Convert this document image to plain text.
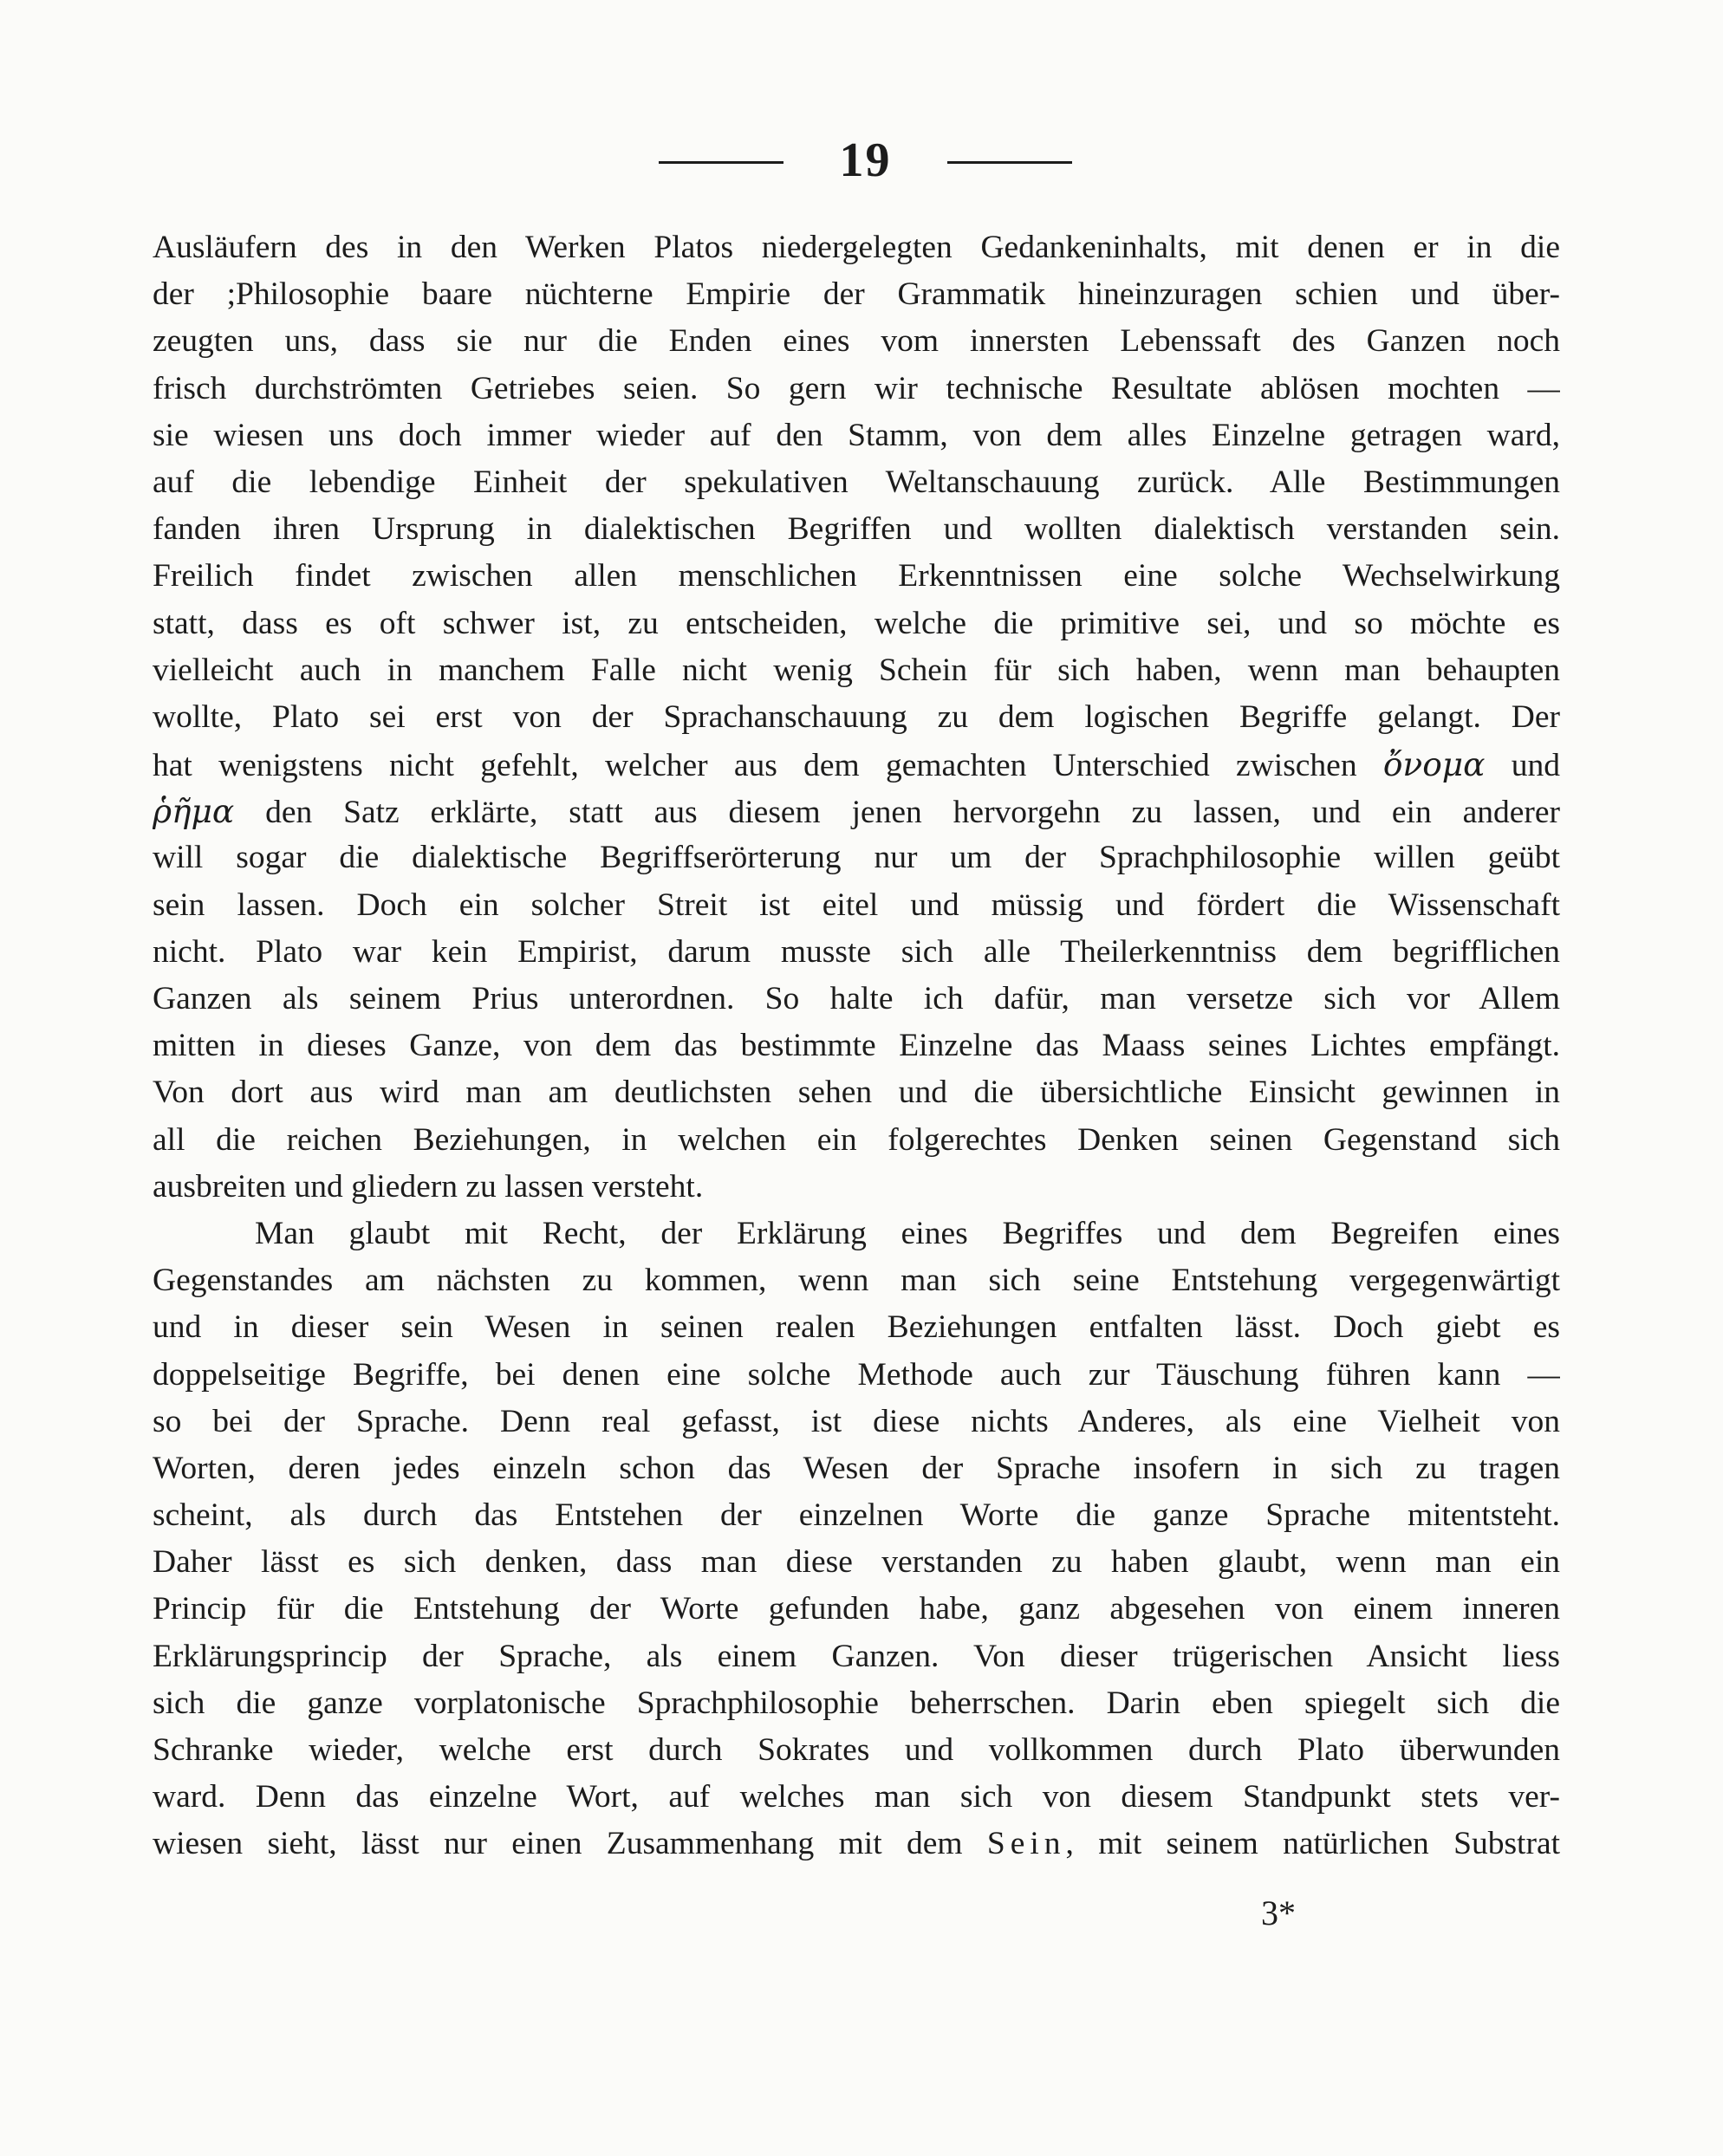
19

Ausläufern des in den Werken Platos niedergelegten Gedankeninhalts, mit denen er in die
der ;Philosophie baare nüchterne Empirie der Grammatik hineinzuragen schien und über-
zeugten uns, dass sie nur die Enden eines vom innersten Lebenssaft des Ganzen noch
frisch durchströmten Getriebes seien. So gern wir technische Resultate ablösen mochten —
sie wiesen uns doch immer wieder auf den Stamm, von dem alles Einzelne getragen ward,
auf die lebendige Einheit der spekulativen Weltanschauung zurück. Alle Bestimmungen
fanden ihren Ursprung in dialektischen Begriffen und wollten dialektisch verstanden sein.
Freilich findet zwischen allen menschlichen Erkenntnissen eine solche Wechselwirkung
statt, dass es oft schwer ist, zu entscheiden, welche die primitive sei, und so möchte es
vielleicht auch in manchem Falle nicht wenig Schein für sich haben, wenn man behaupten
wollte, Plato sei erst von der Sprachanschauung zu dem logischen Begriffe gelangt. Der
hat wenigstens nicht gefehlt, welcher aus dem gemachten Unterschied zwischen ὄνομα und
ῥῆμα den Satz erklärte, statt aus diesem jenen hervorgehn zu lassen, und ein anderer
will sogar die dialektische Begriffserörterung nur um der Sprachphilosophie willen geübt
sein lassen. Doch ein solcher Streit ist eitel und müssig und fördert die Wissenschaft
nicht. Plato war kein Empirist, darum musste sich alle Theilerkenntniss dem begrifflichen
Ganzen als seinem Prius unterordnen. So halte ich dafür, man versetze sich vor Allem
mitten in dieses Ganze, von dem das bestimmte Einzelne das Maass seines Lichtes empfängt.
Von dort aus wird man am deutlichsten sehen und die übersichtliche Einsicht gewinnen in
all die reichen Beziehungen, in welchen ein folgerechtes Denken seinen Gegenstand sich
ausbreiten und gliedern zu lassen versteht.

Man glaubt mit Recht, der Erklärung eines Begriffes und dem Begreifen eines
Gegenstandes am nächsten zu kommen, wenn man sich seine Entstehung vergegenwärtigt
und in dieser sein Wesen in seinen realen Beziehungen entfalten lässt. Doch giebt es
doppelseitige Begriffe, bei denen eine solche Methode auch zur Täuschung führen kann —
so bei der Sprache. Denn real gefasst, ist diese nichts Anderes, als eine Vielheit von
Worten, deren jedes einzeln schon das Wesen der Sprache insofern in sich zu tragen
scheint, als durch das Entstehen der einzelnen Worte die ganze Sprache mitentsteht.
Daher lässt es sich denken, dass man diese verstanden zu haben glaubt, wenn man ein
Princip für die Entstehung der Worte gefunden habe, ganz abgesehen von einem inneren
Erklärungsprincip der Sprache, als einem Ganzen. Von dieser trügerischen Ansicht liess
sich die ganze vorplatonische Sprachphilosophie beherrschen. Darin eben spiegelt sich die
Schranke wieder, welche erst durch Sokrates und vollkommen durch Plato überwunden
ward. Denn das einzelne Wort, auf welches man sich von diesem Standpunkt stets ver-
wiesen sieht, lässt nur einen Zusammenhang mit dem Sein, mit seinem natürlichen Substrat

3*
